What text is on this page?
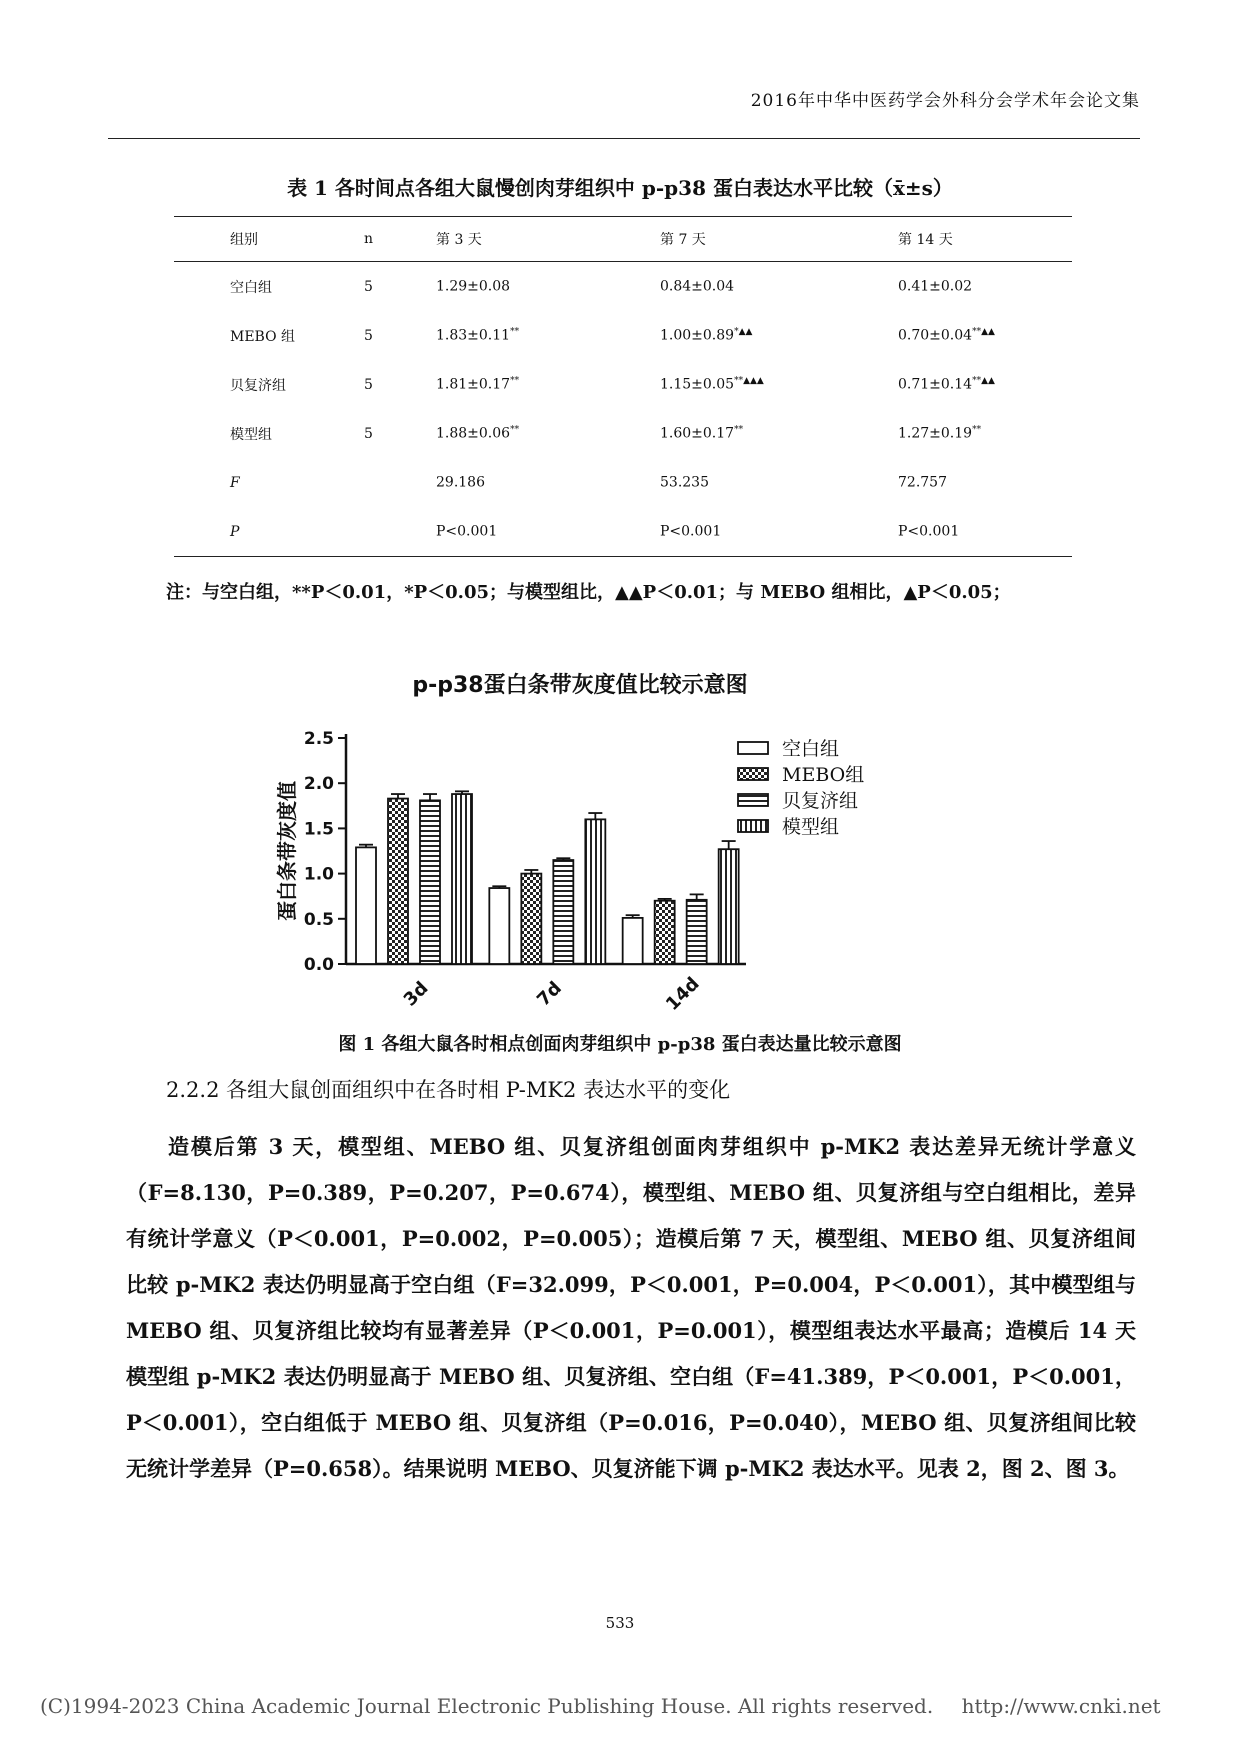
2016年中华中医药学会外科分会学术年会论文集
表 1 各时间点各组大鼠慢创肉芽组织中 p-p38 蛋白表达水平比较（x̄±s）
组别	n	第 3 天	第 7 天	第 14 天
空白组	5	1.29±0.08	0.84±0.04	0.41±0.02
MEBO 组	5	1.83±0.11**	1.00±0.89*▲▲	0.70±0.04**▲▲
贝复济组	5	1.81±0.17**	1.15±0.05**▲▲▲	0.71±0.14**▲▲
模型组	5	1.88±0.06**	1.60±0.17**	1.27±0.19**
F		29.186	53.235	72.757
P		P<0.001	P<0.001	P<0.001
注：与空白组，**P＜0.01，*P＜0.05；与模型组比，▲▲P＜0.01；与 MEBO 组相比，▲P＜0.05；
p-p38蛋白条带灰度值比较示意图
0.0
0.5
1.0
1.5
2.0
2.5
蛋白条带灰度值
3d	7d	14d
空白组
MEBO组
贝复济组
模型组
图 1 各组大鼠各时相点创面肉芽组织中 p-p38 蛋白表达量比较示意图
2.2.2 各组大鼠创面组织中在各时相 P-MK2 表达水平的变化
造模后第 3 天，模型组、MEBO 组、贝复济组创面肉芽组织中 p-MK2 表达差异无统计学意义（F=8.130，P=0.389，P=0.207，P=0.674），模型组、MEBO 组、贝复济组与空白组相比，差异有统计学意义（P＜0.001，P=0.002，P=0.005）；造模后第 7 天，模型组、MEBO 组、贝复济组间比较 p-MK2 表达仍明显高于空白组（F=32.099，P＜0.001，P=0.004，P＜0.001），其中模型组与 MEBO 组、贝复济组比较均有显著差异（P＜0.001，P=0.001），模型组表达水平最高；造模后 14 天模型组 p-MK2 表达仍明显高于 MEBO 组、贝复济组、空白组（F=41.389，P＜0.001，P＜0.001，P＜0.001），空白组低于 MEBO 组、贝复济组（P=0.016，P=0.040），MEBO 组、贝复济组间比较无统计学差异（P=0.658）。结果说明 MEBO、贝复济能下调 p-MK2 表达水平。见表 2，图 2、图 3。
533
(C)1994-2023 China Academic Journal Electronic Publishing House. All rights reserved. http://www.cnki.net
